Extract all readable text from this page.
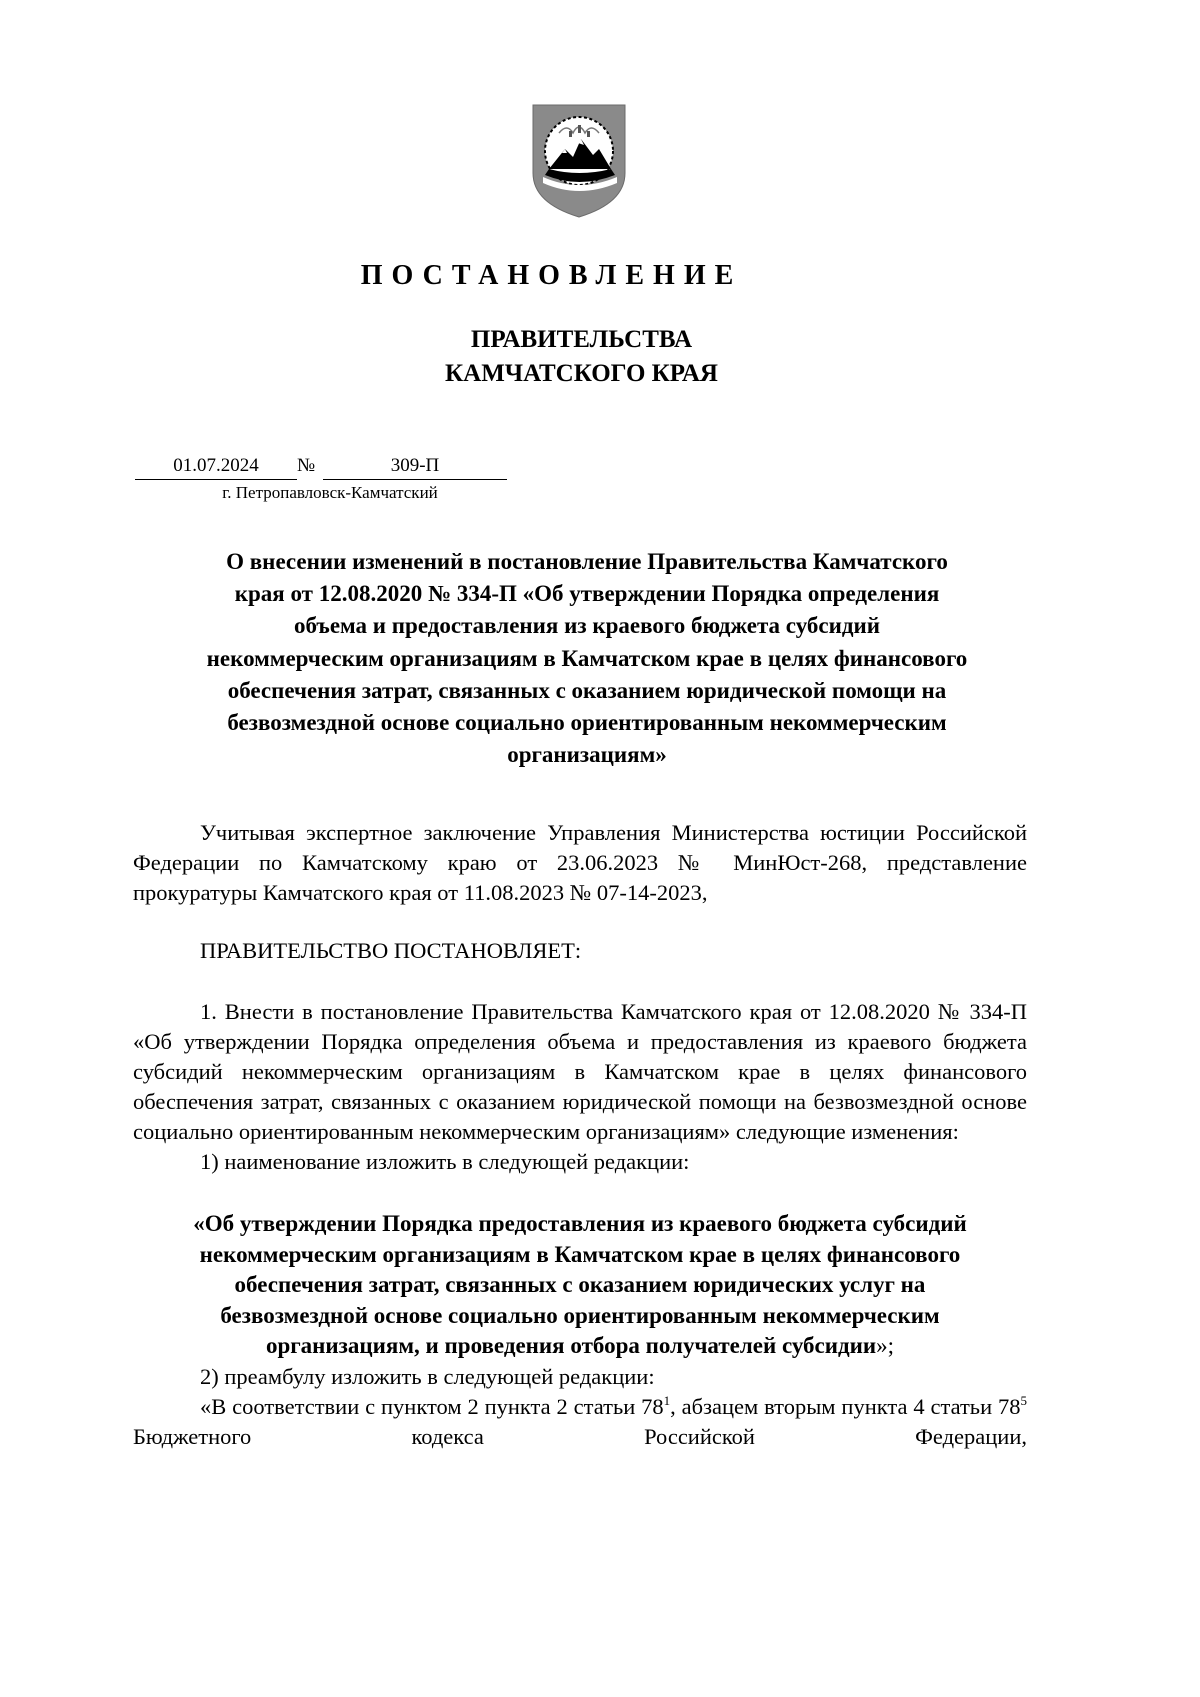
ПОСТАНОВЛЕНИЕ
ПРАВИТЕЛЬСТВА
КАМЧАТСКОГО КРАЯ
01.07.2024	№	309-П
г. Петропавловск-Камчатский
О внесении изменений в постановление Правительства Камчатского
края от 12.08.2020 № 334-П «Об утверждении Порядка определения
объема и предоставления из краевого бюджета субсидий
некоммерческим организациям в Камчатском крае в целях финансового
обеспечения затрат, связанных с оказанием юридической помощи на
безвозмездной основе социально ориентированным некоммерческим
организациям»

Учитывая экспертное заключение Управления Министерства юстиции Российской Федерации по Камчатскому краю от 23.06.2023 № МинЮст-268, представление прокуратуры Камчатского края от 11.08.2023 № 07-14-2023,

ПРАВИТЕЛЬСТВО ПОСТАНОВЛЯЕТ:

1. Внести в постановление Правительства Камчатского края от 12.08.2020 № 334-П «Об утверждении Порядка определения объема и предоставления из краевого бюджета субсидий некоммерческим организациям в Камчатском крае в целях финансового обеспечения затрат, связанных с оказанием юридической помощи на безвозмездной основе социально ориентированным некоммерческим организациям» следующие изменения:

1) наименование изложить в следующей редакции:

«Об утверждении Порядка предоставления из краевого бюджета субсидий
некоммерческим организациям в Камчатском крае в целях финансового
обеспечения затрат, связанных с оказанием юридических услуг на
безвозмездной основе социально ориентированным некоммерческим
организациям, и проведения отбора получателей субсидии»;

2) преамбулу изложить в следующей редакции:

«В соответствии с пунктом 2 пункта 2 статьи $78^1$, абзацем вторым пункта 4 статьи $78^5$ Бюджетного кодекса Российской Федерации,
